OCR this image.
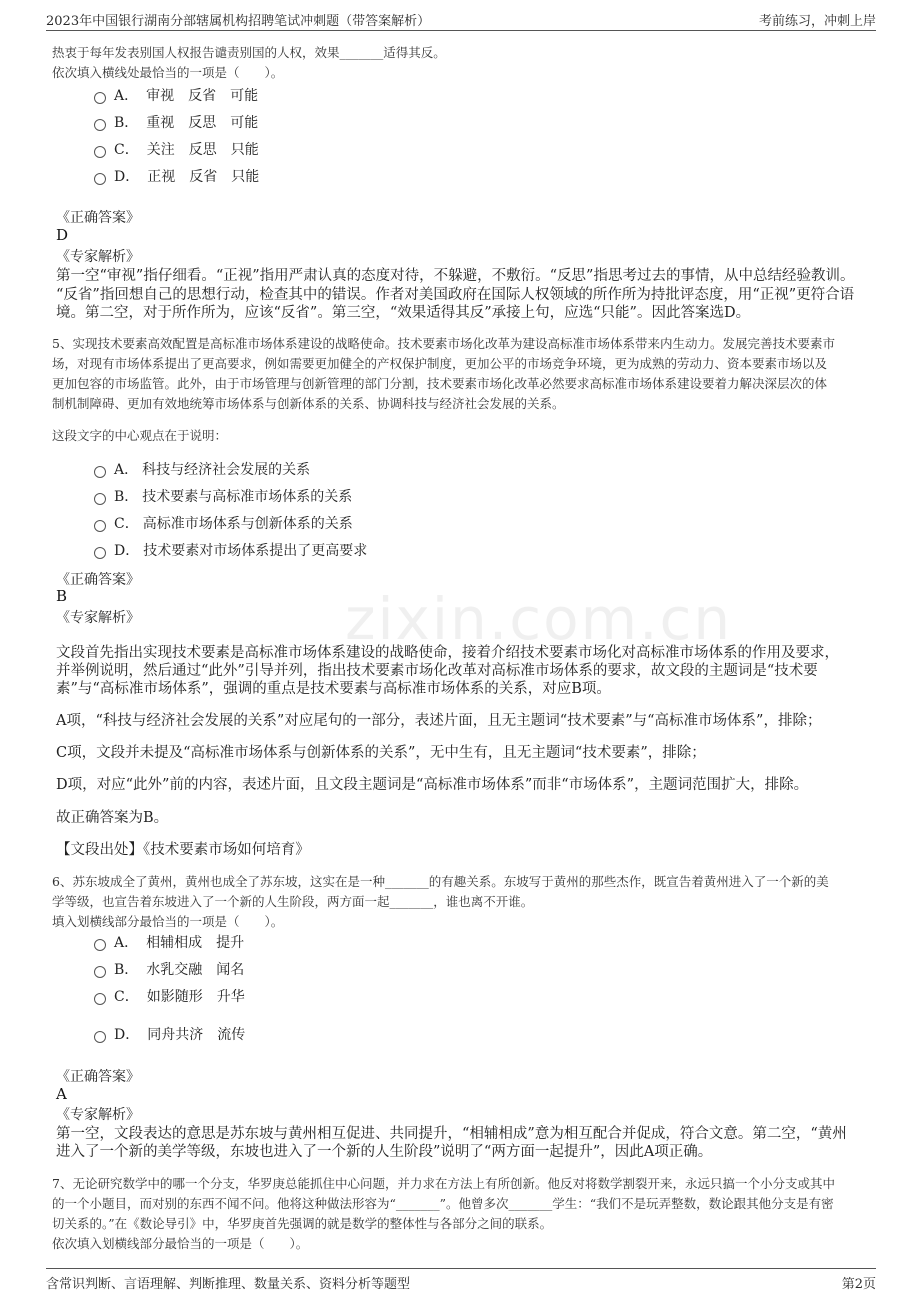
2023年中国银行湖南分部辖属机构招聘笔试冲刺题（带答案解析）	考前练习，冲刺上岸
zixin.com.cn
热衷于每年发表别国人权报告谴责别国的人权，效果_______适得其反。
依次填入横线处最恰当的一项是（　　）。
A． 审视　反省　可能
B． 重视　反思　可能
C． 关注　反思　只能
D． 正视　反省　只能
《正确答案》
D
《专家解析》
第一空“审视”指仔细看。“正视”指用严肃认真的态度对待，不躲避，不敷衍。“反思”指思考过去的事情，从中总结经验教训。
“反省”指回想自己的思想行动，检查其中的错误。作者对美国政府在国际人权领域的所作所为持批评态度，用“正视”更符合语
境。第二空，对于所作所为，应该“反省”。第三空，“效果适得其反”承接上句，应选“只能”。因此答案选D。
5、实现技术要素高效配置是高标准市场体系建设的战略使命。技术要素市场化改革为建设高标准市场体系带来内生动力。发展完善技术要素市
场，对现有市场体系提出了更高要求，例如需要更加健全的产权保护制度，更加公平的市场竞争环境，更为成熟的劳动力、资本要素市场以及
更加包容的市场监管。此外，由于市场管理与创新管理的部门分割，技术要素市场化改革必然要求高标准市场体系建设要着力解决深层次的体
制机制障碍、更加有效地统筹市场体系与创新体系的关系、协调科技与经济社会发展的关系。
这段文字的中心观点在于说明：
A． 科技与经济社会发展的关系
B． 技术要素与高标准市场体系的关系
C． 高标准市场体系与创新体系的关系
D． 技术要素对市场体系提出了更高要求
《正确答案》
B
《专家解析》
文段首先指出实现技术要素是高标准市场体系建设的战略使命，接着介绍技术要素市场化对高标准市场体系的作用及要求，
并举例说明，然后通过“此外”引导并列，指出技术要素市场化改革对高标准市场体系的要求，故文段的主题词是“技术要
素”与“高标准市场体系”，强调的重点是技术要素与高标准市场体系的关系，对应B项。
A项，“科技与经济社会发展的关系”对应尾句的一部分，表述片面，且无主题词“技术要素”与“高标准市场体系”，排除；
C项，文段并未提及“高标准市场体系与创新体系的关系”，无中生有，且无主题词“技术要素”，排除；
D项，对应“此外”前的内容，表述片面，且文段主题词是“高标准市场体系”而非“市场体系”，主题词范围扩大，排除。
故正确答案为B。
【文段出处】《技术要素市场如何培育》
6、苏东坡成全了黄州，黄州也成全了苏东坡，这实在是一种_______的有趣关系。东坡写于黄州的那些杰作，既宣告着黄州进入了一个新的美
学等级，也宣告着东坡进入了一个新的人生阶段，两方面一起_______，谁也离不开谁。
填入划横线部分最恰当的一项是（　　）。
A． 相辅相成　提升
B． 水乳交融　闻名
C． 如影随形　升华
D． 同舟共济　流传
《正确答案》
A
《专家解析》
第一空，文段表达的意思是苏东坡与黄州相互促进、共同提升，“相辅相成”意为相互配合并促成，符合文意。第二空，“黄州
进入了一个新的美学等级，东坡也进入了一个新的人生阶段”说明了“两方面一起提升”，因此A项正确。
7、无论研究数学中的哪一个分支，华罗庚总能抓住中心问题，并力求在方法上有所创新。他反对将数学割裂开来，永远只搞一个小分支或其中
的一个小题目，而对别的东西不闻不问。他将这种做法形容为“_______”。他曾多次_______学生：“我们不是玩弄整数，数论跟其他分支是有密
切关系的。”在《数论导引》中，华罗庚首先强调的就是数学的整体性与各部分之间的联系。
依次填入划横线部分最恰当的一项是（　　）。
含常识判断、言语理解、判断推理、数量关系、资料分析等题型	第2页
